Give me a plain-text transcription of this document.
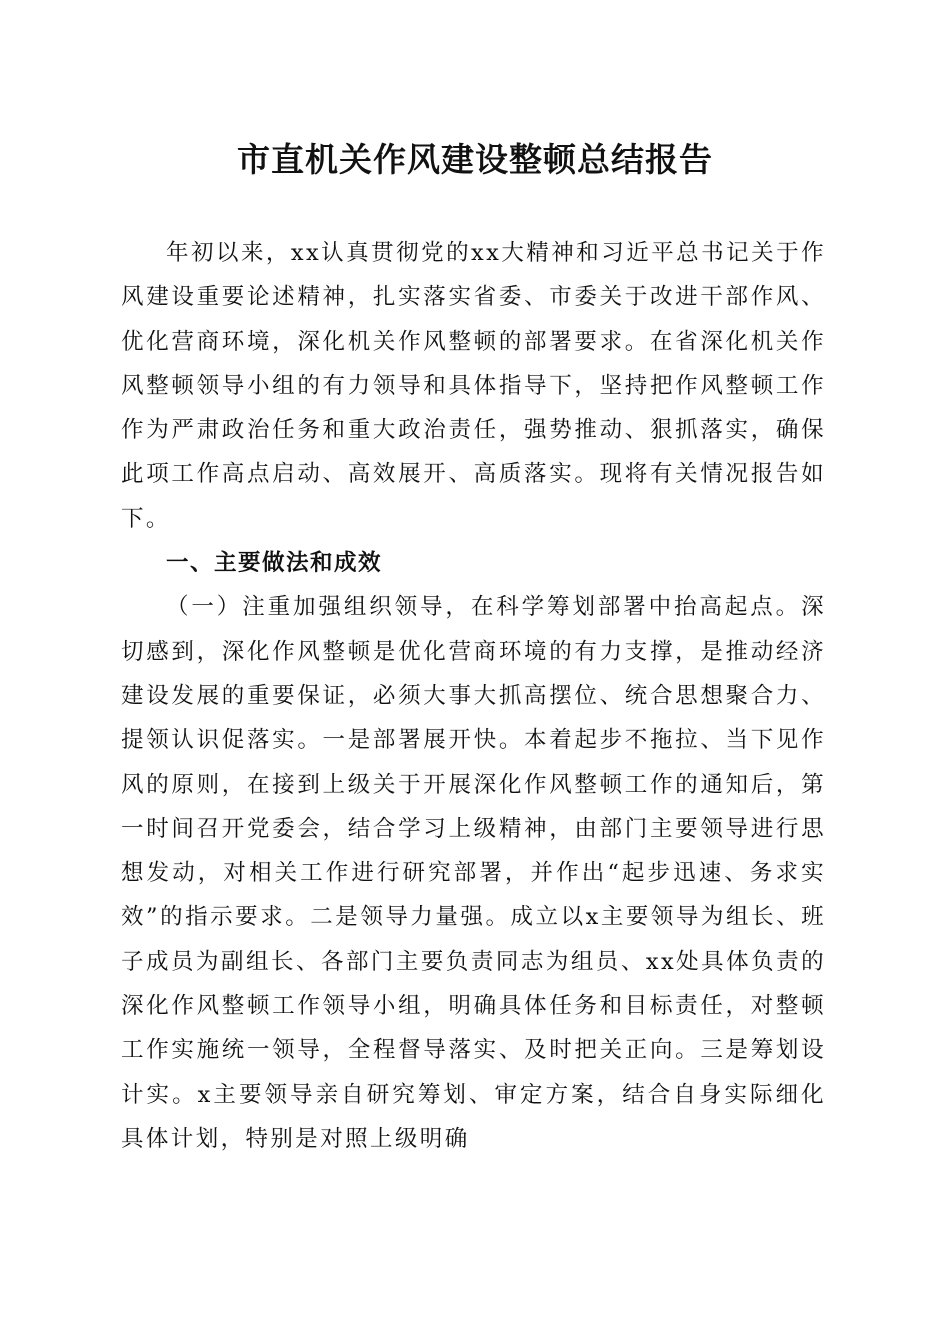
市直机关作风建设整顿总结报告

年初以来，xx认真贯彻党的xx大精神和习近平总书记关于作风建设重要论述精神，扎实落实省委、市委关于改进干部作风、优化营商环境，深化机关作风整顿的部署要求。在省深化机关作风整顿领导小组的有力领导和具体指导下，坚持把作风整顿工作作为严肃政治任务和重大政治责任，强势推动、狠抓落实，确保此项工作高点启动、高效展开、高质落实。现将有关情况报告如下。

一、主要做法和成效

（一）注重加强组织领导，在科学筹划部署中抬高起点。深切感到，深化作风整顿是优化营商环境的有力支撑，是推动经济建设发展的重要保证，必须大事大抓高摆位、统合思想聚合力、提领认识促落实。一是部署展开快。本着起步不拖拉、当下见作风的原则，在接到上级关于开展深化作风整顿工作的通知后，第一时间召开党委会，结合学习上级精神，由部门主要领导进行思想发动，对相关工作进行研究部署，并作出“起步迅速、务求实效”的指示要求。二是领导力量强。成立以x主要领导为组长、班子成员为副组长、各部门主要负责同志为组员、xx处具体负责的深化作风整顿工作领导小组，明确具体任务和目标责任，对整顿工作实施统一领导，全程督导落实、及时把关正向。三是筹划设计实。x主要领导亲自研究筹划、审定方案，结合自身实际细化具体计划，特别是对照上级明确
